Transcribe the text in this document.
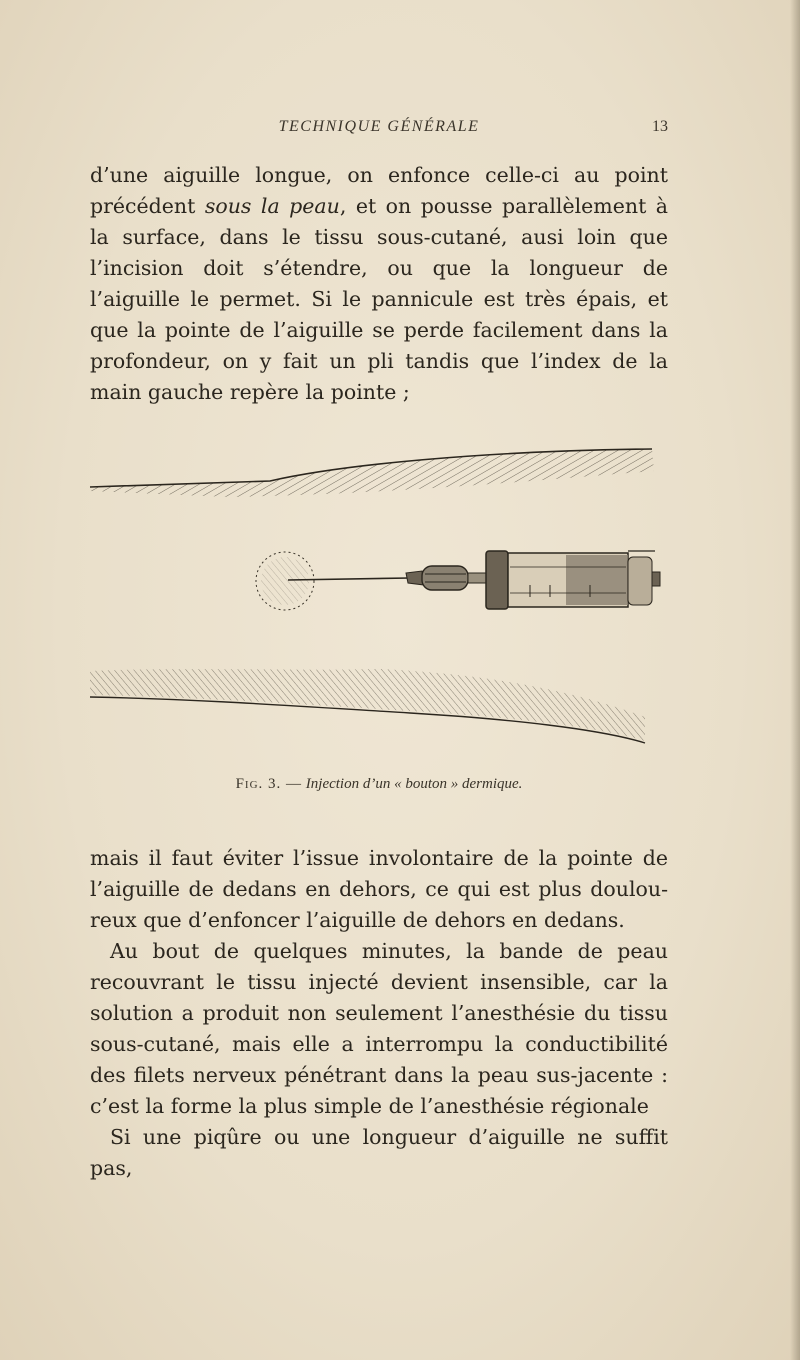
TECHNIQUE GÉNÉRALE	13

d’une aiguille longue, on enfonce celle-ci au point précédent sous la peau, et on pousse parallèlement à la surface, dans le tissu sous-cutané, ausi loin que l’incision doit s’étendre, ou que la longueur de l’aiguille le permet. Si le pannicule est très épais, et que la pointe de l’aiguille se perde facilement dans la profondeur, on y fait un pli tandis que l’index de la main gauche repère la pointe ;

Fig. 3. — Injection d’un « bouton » dermique.

mais il faut éviter l’issue involontaire de la pointe de l’aiguille de dedans en dehors, ce qui est plus doulou-reux que d’enfoncer l’aiguille de dehors en dedans.

Au bout de quelques minutes, la bande de peau recouvrant le tissu injecté devient insensible, car la solution a produit non seulement l’anesthésie du tissu sous-cutané, mais elle a interrompu la conductibilité des filets nerveux pénétrant dans la peau sus-jacente : c’est la forme la plus simple de l’anesthésie régionale

Si une piqûre ou une longueur d’aiguille ne suffit pas,
